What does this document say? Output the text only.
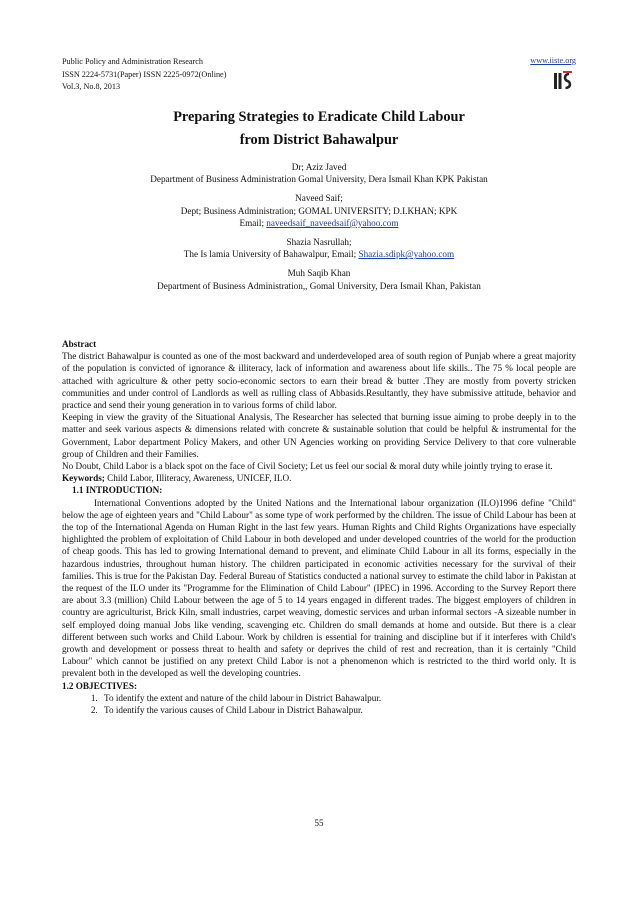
Public Policy and Administration Research
ISSN 2224-5731(Paper) ISSN 2225-0972(Online)
Vol.3, No.8, 2013
www.iiste.org
Preparing Strategies to Eradicate Child Labour
from District Bahawalpur
Dr; Aziz Javed
Department of Business Administration Gomal University, Dera Ismail Khan KPK Pakistan
Naveed Saif;
Dept; Business Administration; GOMAL UNIVERSITY; D.I.KHAN; KPK
Email; naveedsaif_naveedsaif@yahoo.com
Shazia Nasrullah;
The Is lamia University of Bahawalpur, Email; Shazia.sdipk@yahoo.com
Muh Saqib Khan
Department of Business Administration,, Gomal University, Dera Ismail Khan, Pakistan

Abstract

The district Bahawalpur is counted as one of the most backward and underdeveloped area of south region of Punjab where a great majority of the population is convicted of ignorance & illiteracy, lack of information and awareness about life skills.. The 75 % local people are attached with agriculture & other petty socio-economic sectors to earn their bread & butter .They are mostly from poverty stricken communities and under control of Landlords as well as rulling class of Abbasids.Resultantly, they have submissive attitude, behavior and practice and send their young generation in to various forms of child labor.

Keeping in view the gravity of the Situational Analysis, The Researcher has selected that burning issue aiming to probe deeply in to the matter and seek various aspects & dimensions related with concrete & sustainable solution that could be helpful & instrumental for the Government, Labor department Policy Makers, and other UN Agencies working on providing Service Delivery to that core vulnerable group of Children and their Families.

No Doubt, Child Labor is a black spot on the face of Civil Society; Let us feel our social & moral duty while jointly trying to erase it.

Keywords; Child Labor, Illiteracy, Awareness, UNICEF, ILO.

1.1 INTRODUCTION:

International Conventions adopted by the United Nations and the International labour organization (ILO)1996 define "Child" below the age of eighteen years and "Child Labour" as some type of work performed by the children. The issue of Child Labour has been at the top of the International Agenda on Human Right in the last few years. Human Rights and Child Rights Organizations have especially highlighted the problem of exploitation of Child Labour in both developed and under developed countries of the world for the production of cheap goods. This has led to growing International demand to prevent, and eliminate Child Labour in all its forms, especially in the hazardous industries, throughout human history. The children participated in economic activities necessary for the survival of their families. This is true for the Pakistan Day. Federal Bureau of Statistics conducted a national survey to estimate the child labor in Pakistan at the request of the ILO under its "Programme for the Elimination of Child Labour" (IPEC) in 1996. According to the Survey Report there are about 3.3 (million) Child Labour between the age of 5 to 14 years engaged in different trades. The biggest employers of children in country are agriculturist, Brick Kiln, small industries, carpet weaving, domestic services and urban informal sectors -A sizeable number in self employed doing manual Jobs like vending, scavenging etc. Children do small demands at home and outside. But there is a clear different between such works and Child Labour. Work by children is essential for training and discipline but if it interferes with Child's growth and development or possess threat to health and safety or deprives the child of rest and recreation, than it is certainly "Child Labour" which cannot be justified on any pretext Child Labor is not a phenomenon which is restricted to the third world only. It is prevalent both in the developed as well the developing countries.

1.2 OBJECTIVES:

1. To identify the extent and nature of the child labour in District Bahawalpur.
2. To identify the various causes of Child Labour in District Bahawalpur.
55
